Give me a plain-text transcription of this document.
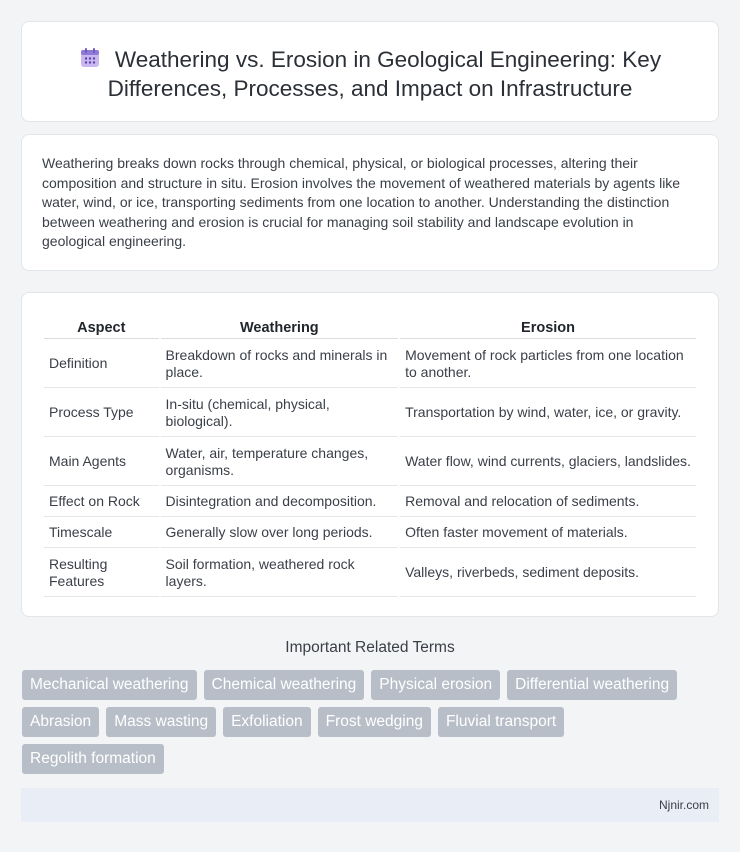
Weathering vs. Erosion in Geological Engineering: Key Differences, Processes, and Impact on Infrastructure

Weathering breaks down rocks through chemical, physical, or biological processes, altering their composition and structure in situ. Erosion involves the movement of weathered materials by agents like water, wind, or ice, transporting sediments from one location to another. Understanding the distinction between weathering and erosion is crucial for managing soil stability and landscape evolution in geological engineering.

Aspect	Weathering	Erosion
Definition	Breakdown of rocks and minerals in place.	Movement of rock particles from one location to another.
Process Type	In-situ (chemical, physical, biological).	Transportation by wind, water, ice, or gravity.
Main Agents	Water, air, temperature changes, organisms.	Water flow, wind currents, glaciers, landslides.
Effect on Rock	Disintegration and decomposition.	Removal and relocation of sediments.
Timescale	Generally slow over long periods.	Often faster movement of materials.
Resulting Features	Soil formation, weathered rock layers.	Valleys, riverbeds, sediment deposits.
Important Related Terms
Mechanical weathering	Chemical weathering	Physical erosion	Differential weathering
Abrasion	Mass wasting	Exfoliation	Frost wedging	Fluvial transport
Regolith formation
Njnir.com
